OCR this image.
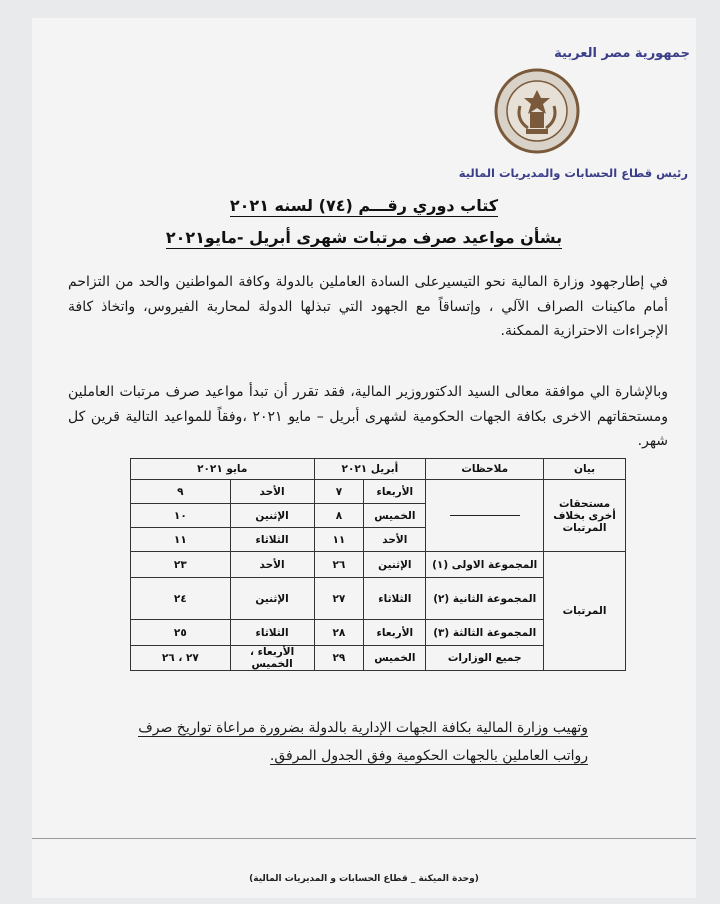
جمهورية مصر العربية
رئيس قطاع الحسابات والمديريات المالية
كتاب دوري رقـــم (٧٤) لسنه ٢٠٢١
بشأن مواعيد صرف مرتبات شهرى أبريل -مايو٢٠٢١
في إطارجهود وزارة المالية نحو التيسيرعلى السادة العاملين بالدولة وكافة المواطنين والحد من التزاحم أمام ماكينات الصراف الآلي ، وإتساقاً مع الجهود التي تبذلها الدولة لمحاربة الفيروس، واتخاذ كافة الإجراءات الاحترازية الممكنة.
وبالإشارة الي موافقة معالى السيد الدكتوروزير المالية، فقد تقرر أن تبدأ مواعيد صرف مرتبات العاملين ومستحقاتهم الاخرى بكافة الجهات الحكومية لشهرى أبريل – مايو ٢٠٢١ ،وفقاً للمواعيد التالية قرين كل شهر.
بيان	ملاحظات	أبريل ٢٠٢١		مايو ٢٠٢١	
مستحقات أخرى بخلاف المرتبات		الأربعاء	٧	الأحد	٩
		الخميس	٨	الإثنين	١٠
		الأحد	١١	الثلاثاء	١١
المرتبات	المجموعة الاولى (١)	الإثنين	٢٦	الأحد	٢٣
	المجموعة الثانية (٢)	الثلاثاء	٢٧	الإثنين	٢٤
	المجموعة الثالثة (٣)	الأربعاء	٢٨	الثلاثاء	٢٥
	جميع الوزارات	الخميس	٢٩	الأربعاء ، الخميس	٢٧ ، ٢٦
وتهيب وزارة المالية بكافة الجهات الإدارية بالدولة بضرورة مراعاة تواريخ صرف
رواتب العاملين بالجهات الحكومية وفق الجدول المرفق.
(وحدة الميكنة _ قطاع الحسابات و المديريات المالية)
